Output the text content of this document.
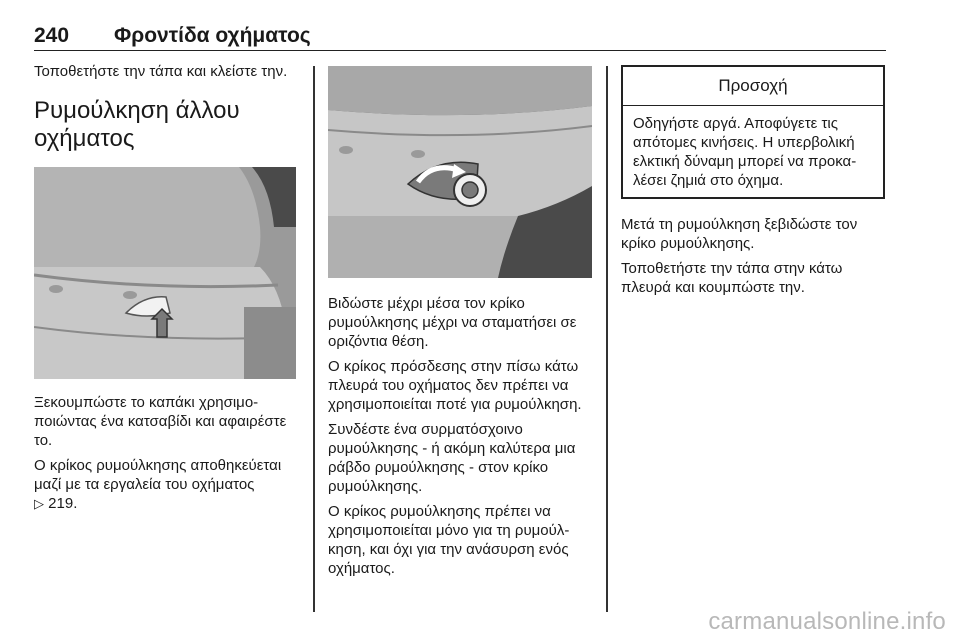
240 Φροντίδα οχήματος

Τοποθετήστε την τάπα και κλείστε την.

Ρυμούλκηση άλλου οχήματος

Ξεκουμπώστε το καπάκι χρησιμοποιώντας ένα κατσαβίδι και αφαιρέστε το.

Ο κρίκος ρυμούλκησης αποθηκεύεται μαζί με τα εργαλεία του οχήματος
▷ 219.

Βιδώστε μέχρι μέσα τον κρίκο ρυμούλκησης μέχρι να σταματήσει σε οριζόντια θέση.

Ο κρίκος πρόσδεσης στην πίσω κάτω πλευρά του οχήματος δεν πρέπει να χρησιμοποιείται ποτέ για ρυμούλκηση.

Συνδέστε ένα συρματόσχοινο ρυμούλκησης - ή ακόμη καλύτερα μια ράβδο ρυμούλκησης - στον κρίκο ρυμούλκησης.

Ο κρίκος ρυμούλκησης πρέπει να χρησιμοποιείται μόνο για τη ρυμούλκηση, και όχι για την ανάσυρση ενός οχήματος.

Προσοχή
Οδηγήστε αργά. Αποφύγετε τις απότομες κινήσεις. Η υπερβολική ελκτική δύναμη μπορεί να προκαλέσει ζημιά στο όχημα.

Μετά τη ρυμούλκηση ξεβιδώστε τον κρίκο ρυμούλκησης.

Τοποθετήστε την τάπα στην κάτω πλευρά και κουμπώστε την.

carmanualsonline.info
